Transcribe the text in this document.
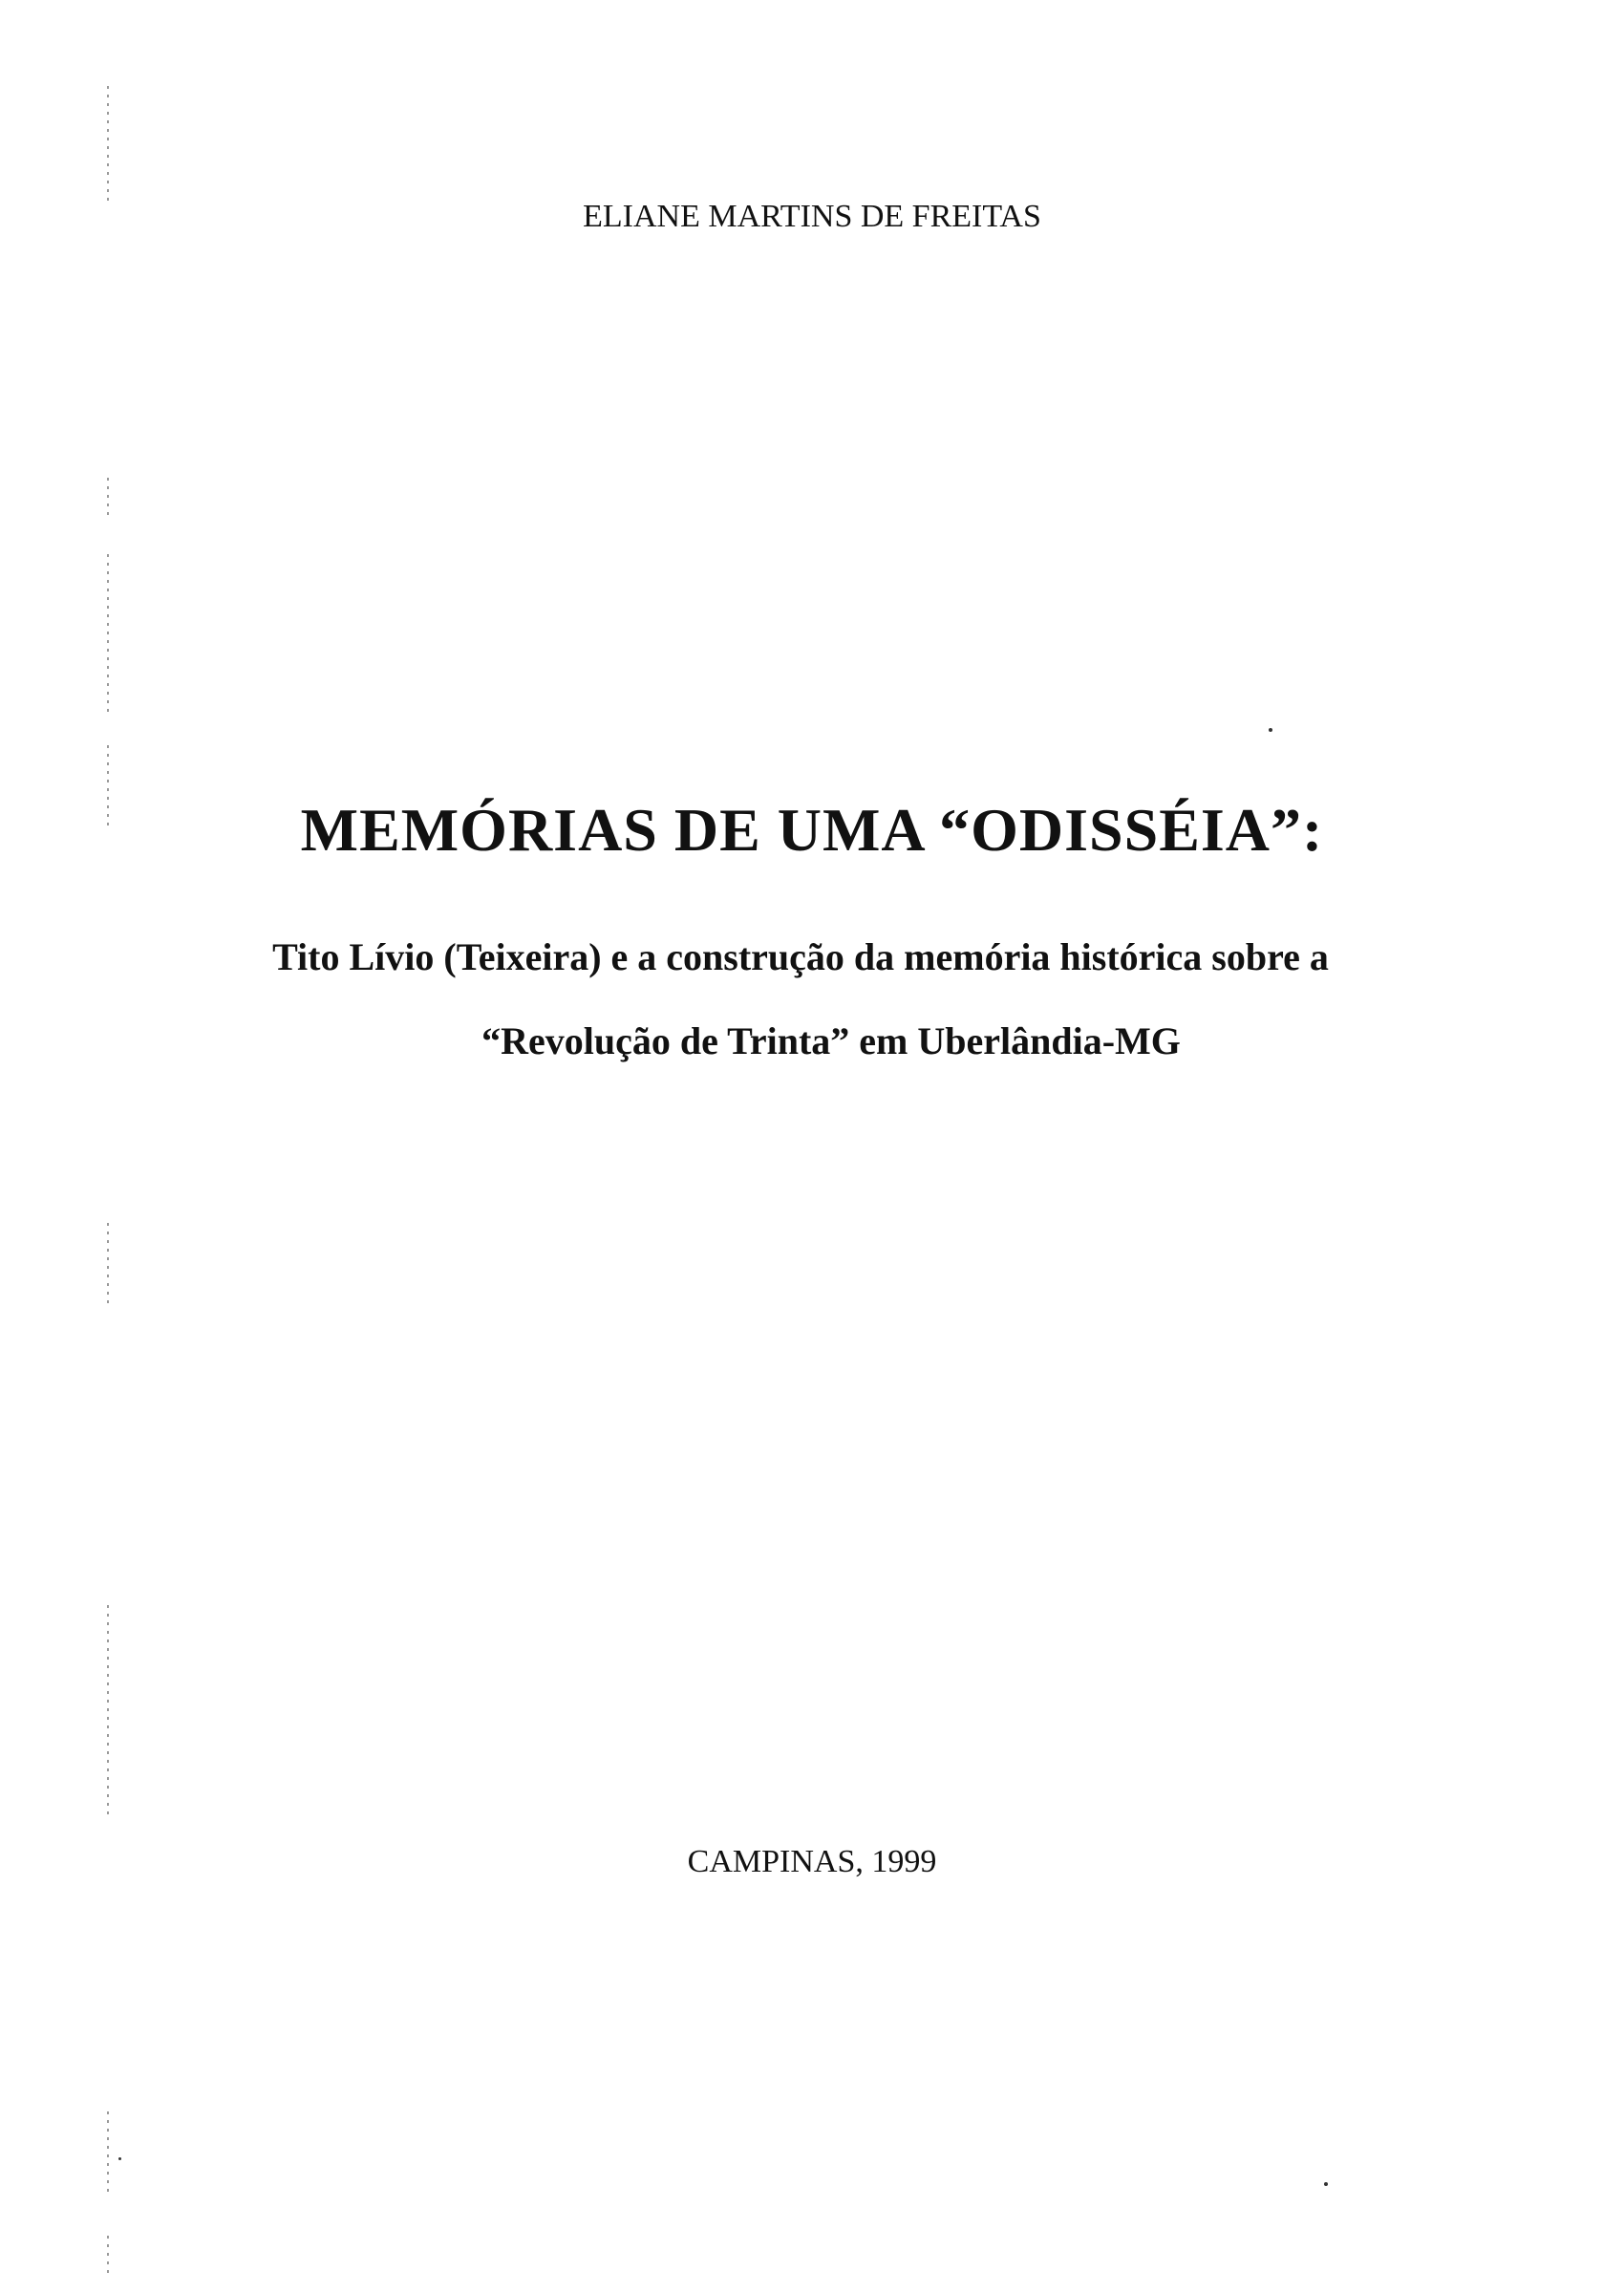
ELIANE MARTINS DE FREITAS
MEMÓRIAS DE UMA “ODISSÉIA”:
Tito Lívio (Teixeira) e a construção da memória histórica sobre a
“Revolução de Trinta” em Uberlândia-MG
CAMPINAS, 1999
